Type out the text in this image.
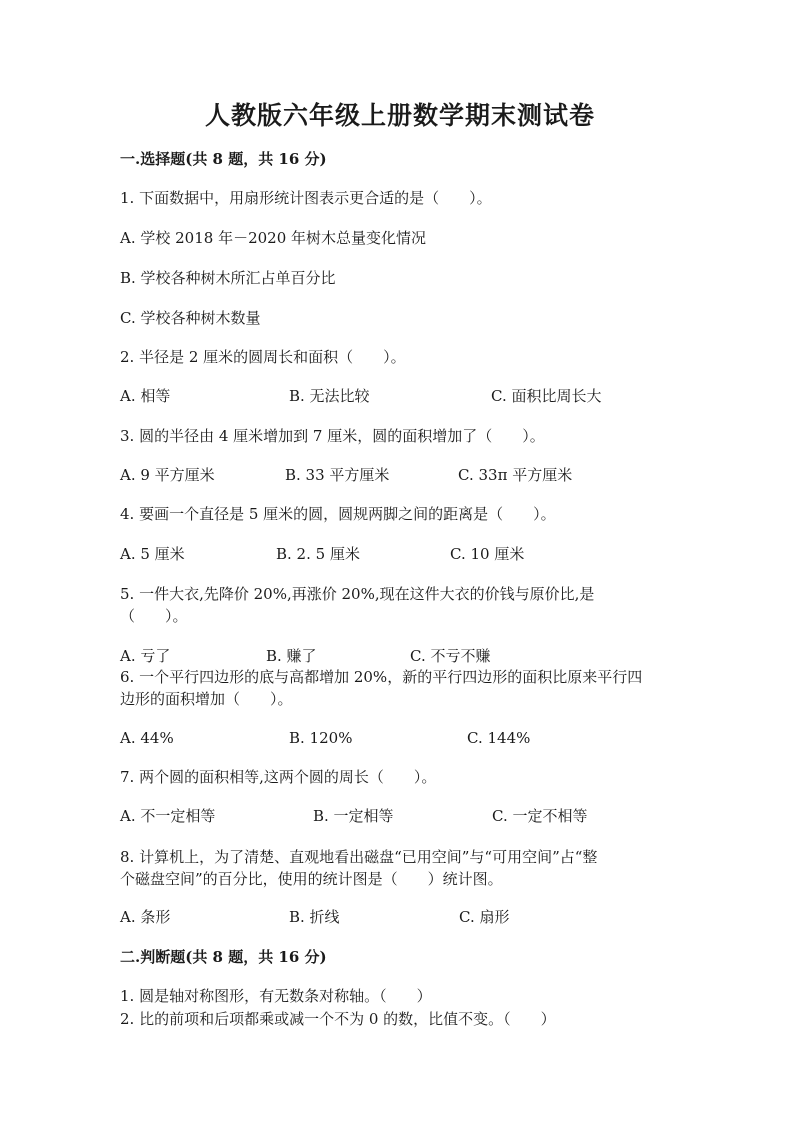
人教版六年级上册数学期末测试卷
一.选择题(共 8 题，共 16 分)
1. 下面数据中，用扇形统计图表示更合适的是（　　）。
A. 学校 2018 年－2020 年树木总量变化情况
B. 学校各种树木所汇占单百分比
C. 学校各种树木数量
2. 半径是 2 厘米的圆周长和面积（　　）。
A. 相等	B. 无法比较	C. 面积比周长大
3. 圆的半径由 4 厘米增加到 7 厘米，圆的面积增加了（　　）。
A. 9 平方厘米	B. 33 平方厘米	C. 33π 平方厘米
4. 要画一个直径是 5 厘米的圆，圆规两脚之间的距离是（　　）。
A. 5 厘米	B. 2. 5 厘米	C. 10 厘米
5. 一件大衣,先降价 20%,再涨价 20%,现在这件大衣的价钱与原价比,是
（　　）。
A. 亏了	B. 赚了	C. 不亏不赚
6. 一个平行四边形的底与高都增加 20%，新的平行四边形的面积比原来平行四
边形的面积增加（　　）。
A. 44%	B. 120%	C. 144%
7. 两个圆的面积相等,这两个圆的周长（　　）。
A. 不一定相等	B. 一定相等	C. 一定不相等
8. 计算机上，为了清楚、直观地看出磁盘“已用空间”与“可用空间”占“整
个磁盘空间”的百分比，使用的统计图是（　　）统计图。
A. 条形	B. 折线	C. 扇形
二.判断题(共 8 题，共 16 分)
1. 圆是轴对称图形，有无数条对称轴。（　　）
2. 比的前项和后项都乘或减一个不为 0 的数，比值不变。（　　）
